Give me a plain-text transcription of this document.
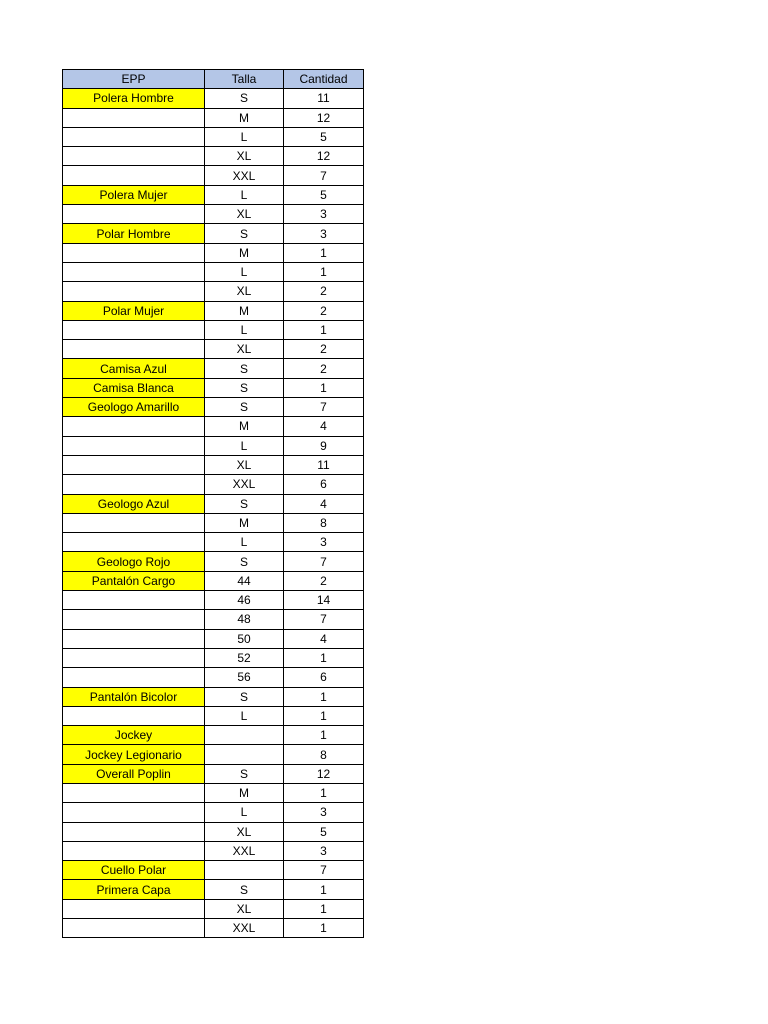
EPP	Talla	Cantidad
Polera Hombre	S	11
	M	12
	L	5
	XL	12
	XXL	7
Polera Mujer	L	5
	XL	3
Polar Hombre	S	3
	M	1
	L	1
	XL	2
Polar Mujer	M	2
	L	1
	XL	2
Camisa Azul	S	2
Camisa Blanca	S	1
Geologo Amarillo	S	7
	M	4
	L	9
	XL	11
	XXL	6
Geologo Azul	S	4
	M	8
	L	3
Geologo Rojo	S	7
Pantalón Cargo	44	2
	46	14
	48	7
	50	4
	52	1
	56	6
Pantalón Bicolor	S	1
	L	1
Jockey		1
Jockey Legionario		8
Overall Poplin	S	12
	M	1
	L	3
	XL	5
	XXL	3
Cuello Polar		7
Primera Capa	S	1
	XL	1
	XXL	1
